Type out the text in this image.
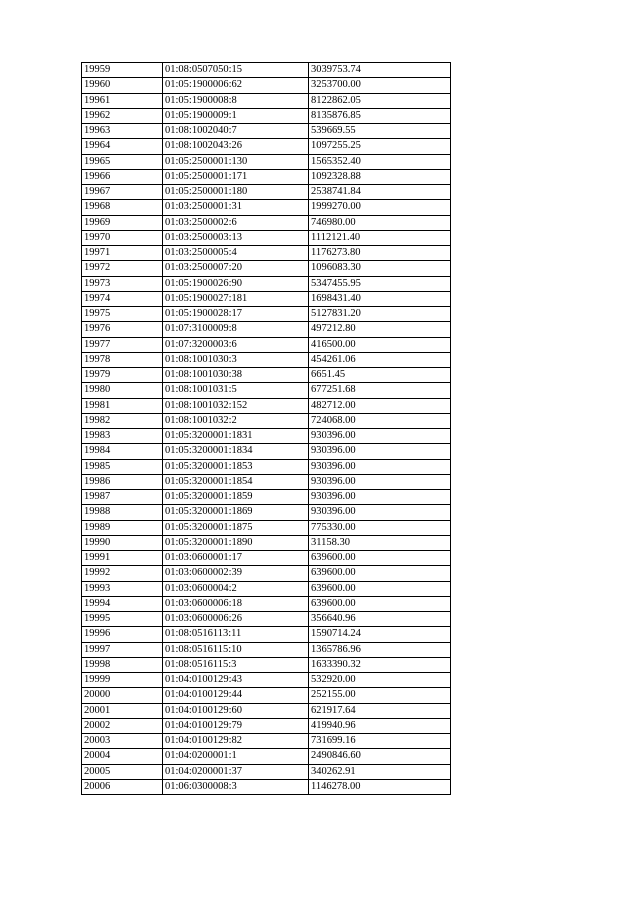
19959	01:08:0507050:15	3039753.74
19960	01:05:1900006:62	3253700.00
19961	01:05:1900008:8	8122862.05
19962	01:05:1900009:1	8135876.85
19963	01:08:1002040:7	539669.55
19964	01:08:1002043:26	1097255.25
19965	01:05:2500001:130	1565352.40
19966	01:05:2500001:171	1092328.88
19967	01:05:2500001:180	2538741.84
19968	01:03:2500001:31	1999270.00
19969	01:03:2500002:6	746980.00
19970	01:03:2500003:13	1112121.40
19971	01:03:2500005:4	1176273.80
19972	01:03:2500007:20	1096083.30
19973	01:05:1900026:90	5347455.95
19974	01:05:1900027:181	1698431.40
19975	01:05:1900028:17	5127831.20
19976	01:07:3100009:8	497212.80
19977	01:07:3200003:6	416500.00
19978	01:08:1001030:3	454261.06
19979	01:08:1001030:38	6651.45
19980	01:08:1001031:5	677251.68
19981	01:08:1001032:152	482712.00
19982	01:08:1001032:2	724068.00
19983	01:05:3200001:1831	930396.00
19984	01:05:3200001:1834	930396.00
19985	01:05:3200001:1853	930396.00
19986	01:05:3200001:1854	930396.00
19987	01:05:3200001:1859	930396.00
19988	01:05:3200001:1869	930396.00
19989	01:05:3200001:1875	775330.00
19990	01:05:3200001:1890	31158.30
19991	01:03:0600001:17	639600.00
19992	01:03:0600002:39	639600.00
19993	01:03:0600004:2	639600.00
19994	01:03:0600006:18	639600.00
19995	01:03:0600006:26	356640.96
19996	01:08:0516113:11	1590714.24
19997	01:08:0516115:10	1365786.96
19998	01:08:0516115:3	1633390.32
19999	01:04:0100129:43	532920.00
20000	01:04:0100129:44	252155.00
20001	01:04:0100129:60	621917.64
20002	01:04:0100129:79	419940.96
20003	01:04:0100129:82	731699.16
20004	01:04:0200001:1	2490846.60
20005	01:04:0200001:37	340262.91
20006	01:06:0300008:3	1146278.00
